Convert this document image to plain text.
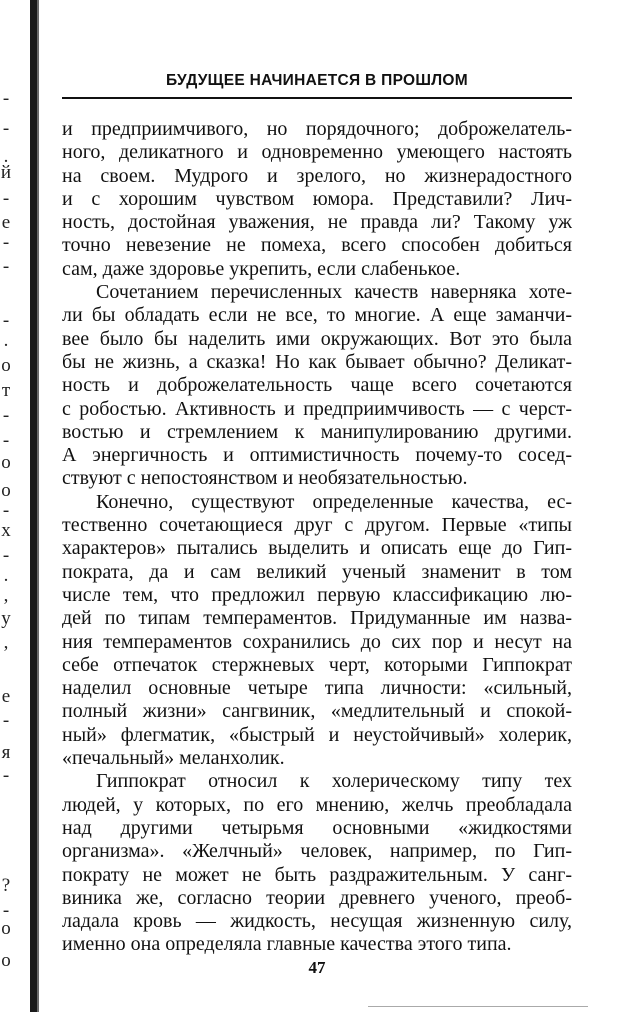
-
-
.
й
-
e
-
-
-
.
o
т
-
-
o
o
-
x
-
.
,
y
,
e
-
я
-
?
-
o
o
БУДУЩЕЕ НАЧИНАЕТСЯ В ПРОШЛОМ
и предприимчивого, но порядочного; доброжелатель-
ного, деликатного и одновременно умеющего настоять
на своем. Мудрого и зрелого, но жизнерадостного
и с хорошим чувством юмора. Представили? Лич-
ность, достойная уважения, не правда ли? Такому уж
точно невезение не помеха, всего способен добиться
сам, даже здоровье укрепить, если слабенькое.
Сочетанием перечисленных качеств наверняка хоте-
ли бы обладать если не все, то многие. А еще заманчи-
вее было бы наделить ими окружающих. Вот это была
бы не жизнь, а сказка! Но как бывает обычно? Деликат-
ность и доброжелательность чаще всего сочетаются
с робостью. Активность и предприимчивость — с черст-
востью и стремлением к манипулированию другими.
А энергичность и оптимистичность почему-то сосед-
ствуют с непостоянством и необязательностью.
Конечно, существуют определенные качества, ес-
тественно сочетающиеся друг с другом. Первые «типы
характеров» пытались выделить и описать еще до Гип-
пократа, да и сам великий ученый знаменит в том
числе тем, что предложил первую классификацию лю-
дей по типам темпераментов. Придуманные им назва-
ния темпераментов сохранились до сих пор и несут на
себе отпечаток стержневых черт, которыми Гиппократ
наделил основные четыре типа личности: «сильный,
полный жизни» сангвиник, «медлительный и спокой-
ный» флегматик, «быстрый и неустойчивый» холерик,
«печальный» меланхолик.
Гиппократ относил к холерическому типу тех
людей, у которых, по его мнению, желчь преобладала
над другими четырьмя основными «жидкостями
организма». «Желчный» человек, например, по Гип-
пократу не может не быть раздражительным. У санг-
виника же, согласно теории древнего ученого, преоб-
ладала кровь — жидкость, несущая жизненную силу,
именно она определяла главные качества этого типа.
47
